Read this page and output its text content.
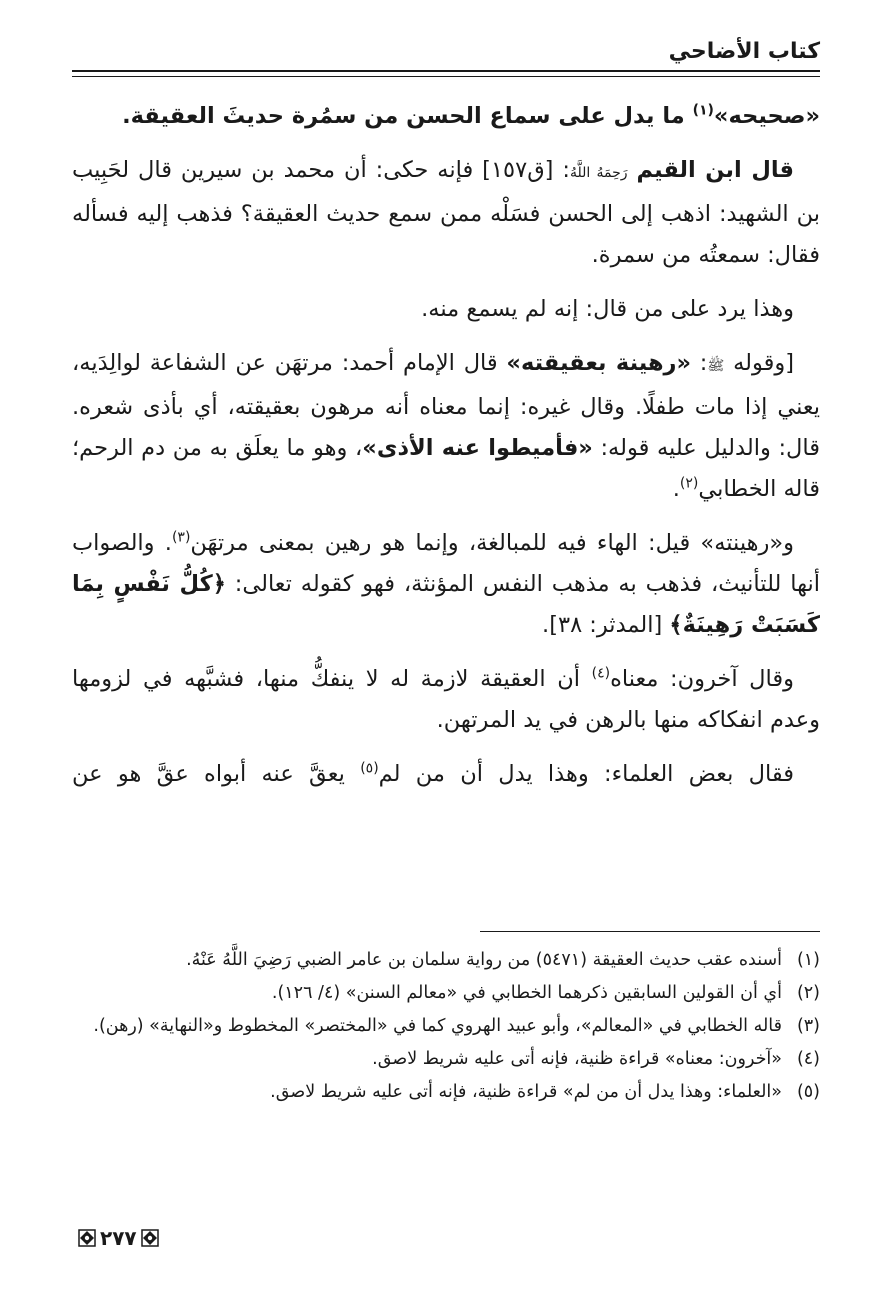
كتاب الأضاحي

«صحيحه»$^{(١)}$ ما يدل على سماع الحسن من سمُرة حديثَ العقيقة.

قال ابن القيم رَحِمَهُ اللَّهُ: [ق١٥٧] فإنه حكى: أن محمد بن سيرين قال لحَبِيب بن الشهيد: اذهب إلى الحسن فسَلْه ممن سمع حديث العقيقة؟ فذهب إليه فسأله فقال: سمعتُه من سمرة.

وهذا يرد على من قال: إنه لم يسمع منه.

[وقوله ﷺ: «رهينة بعقيقته» قال الإمام أحمد: مرتهَن عن الشفاعة لوالِدَيه، يعني إذا مات طفلًا. وقال غيره: إنما معناه أنه مرهون بعقيقته، أي بأذى شعره. قال: والدليل عليه قوله: «فأميطوا عنه الأذى»، وهو ما يعلَق به من دم الرحم؛ قاله الخطابي$^{(٢)}$.

و«رهينته» قيل: الهاء فيه للمبالغة، وإنما هو رهين بمعنى مرتهَن$^{(٣)}$. والصواب أنها للتأنيث، فذهب به مذهب النفس المؤنثة، فهو كقوله تعالى: ﴿كُلُّ نَفْسٍ بِمَا كَسَبَتْ رَهِينَةٌ﴾ [المدثر: ٣٨].

وقال آخرون: معناه$^{(٤)}$ أن العقيقة لازمة له لا ينفكُّ منها، فشبَّهه في لزومها وعدم انفكاكه منها بالرهن في يد المرتهن.

فقال بعض العلماء: وهذا يدل أن من لم$^{(٥)}$ يعقَّ عنه أبواه عقَّ هو عن

(١)
أسنده عقب حديث العقيقة (٥٤٧١) من رواية سلمان بن عامر الضبي رَضِيَ اللَّهُ عَنْهُ.
(٢)
أي أن القولين السابقين ذكرهما الخطابي في «معالم السنن» (٤/ ١٢٦).
(٣)
قاله الخطابي في «المعالم»، وأبو عبيد الهروي كما في «المختصر» المخطوط و«النهاية» (رهن).
(٤)
«آخرون: معناه» قراءة ظنية، فإنه أتى عليه شريط لاصق.
(٥)
«العلماء: وهذا يدل أن من لم» قراءة ظنية، فإنه أتى عليه شريط لاصق.
٢٧٧
